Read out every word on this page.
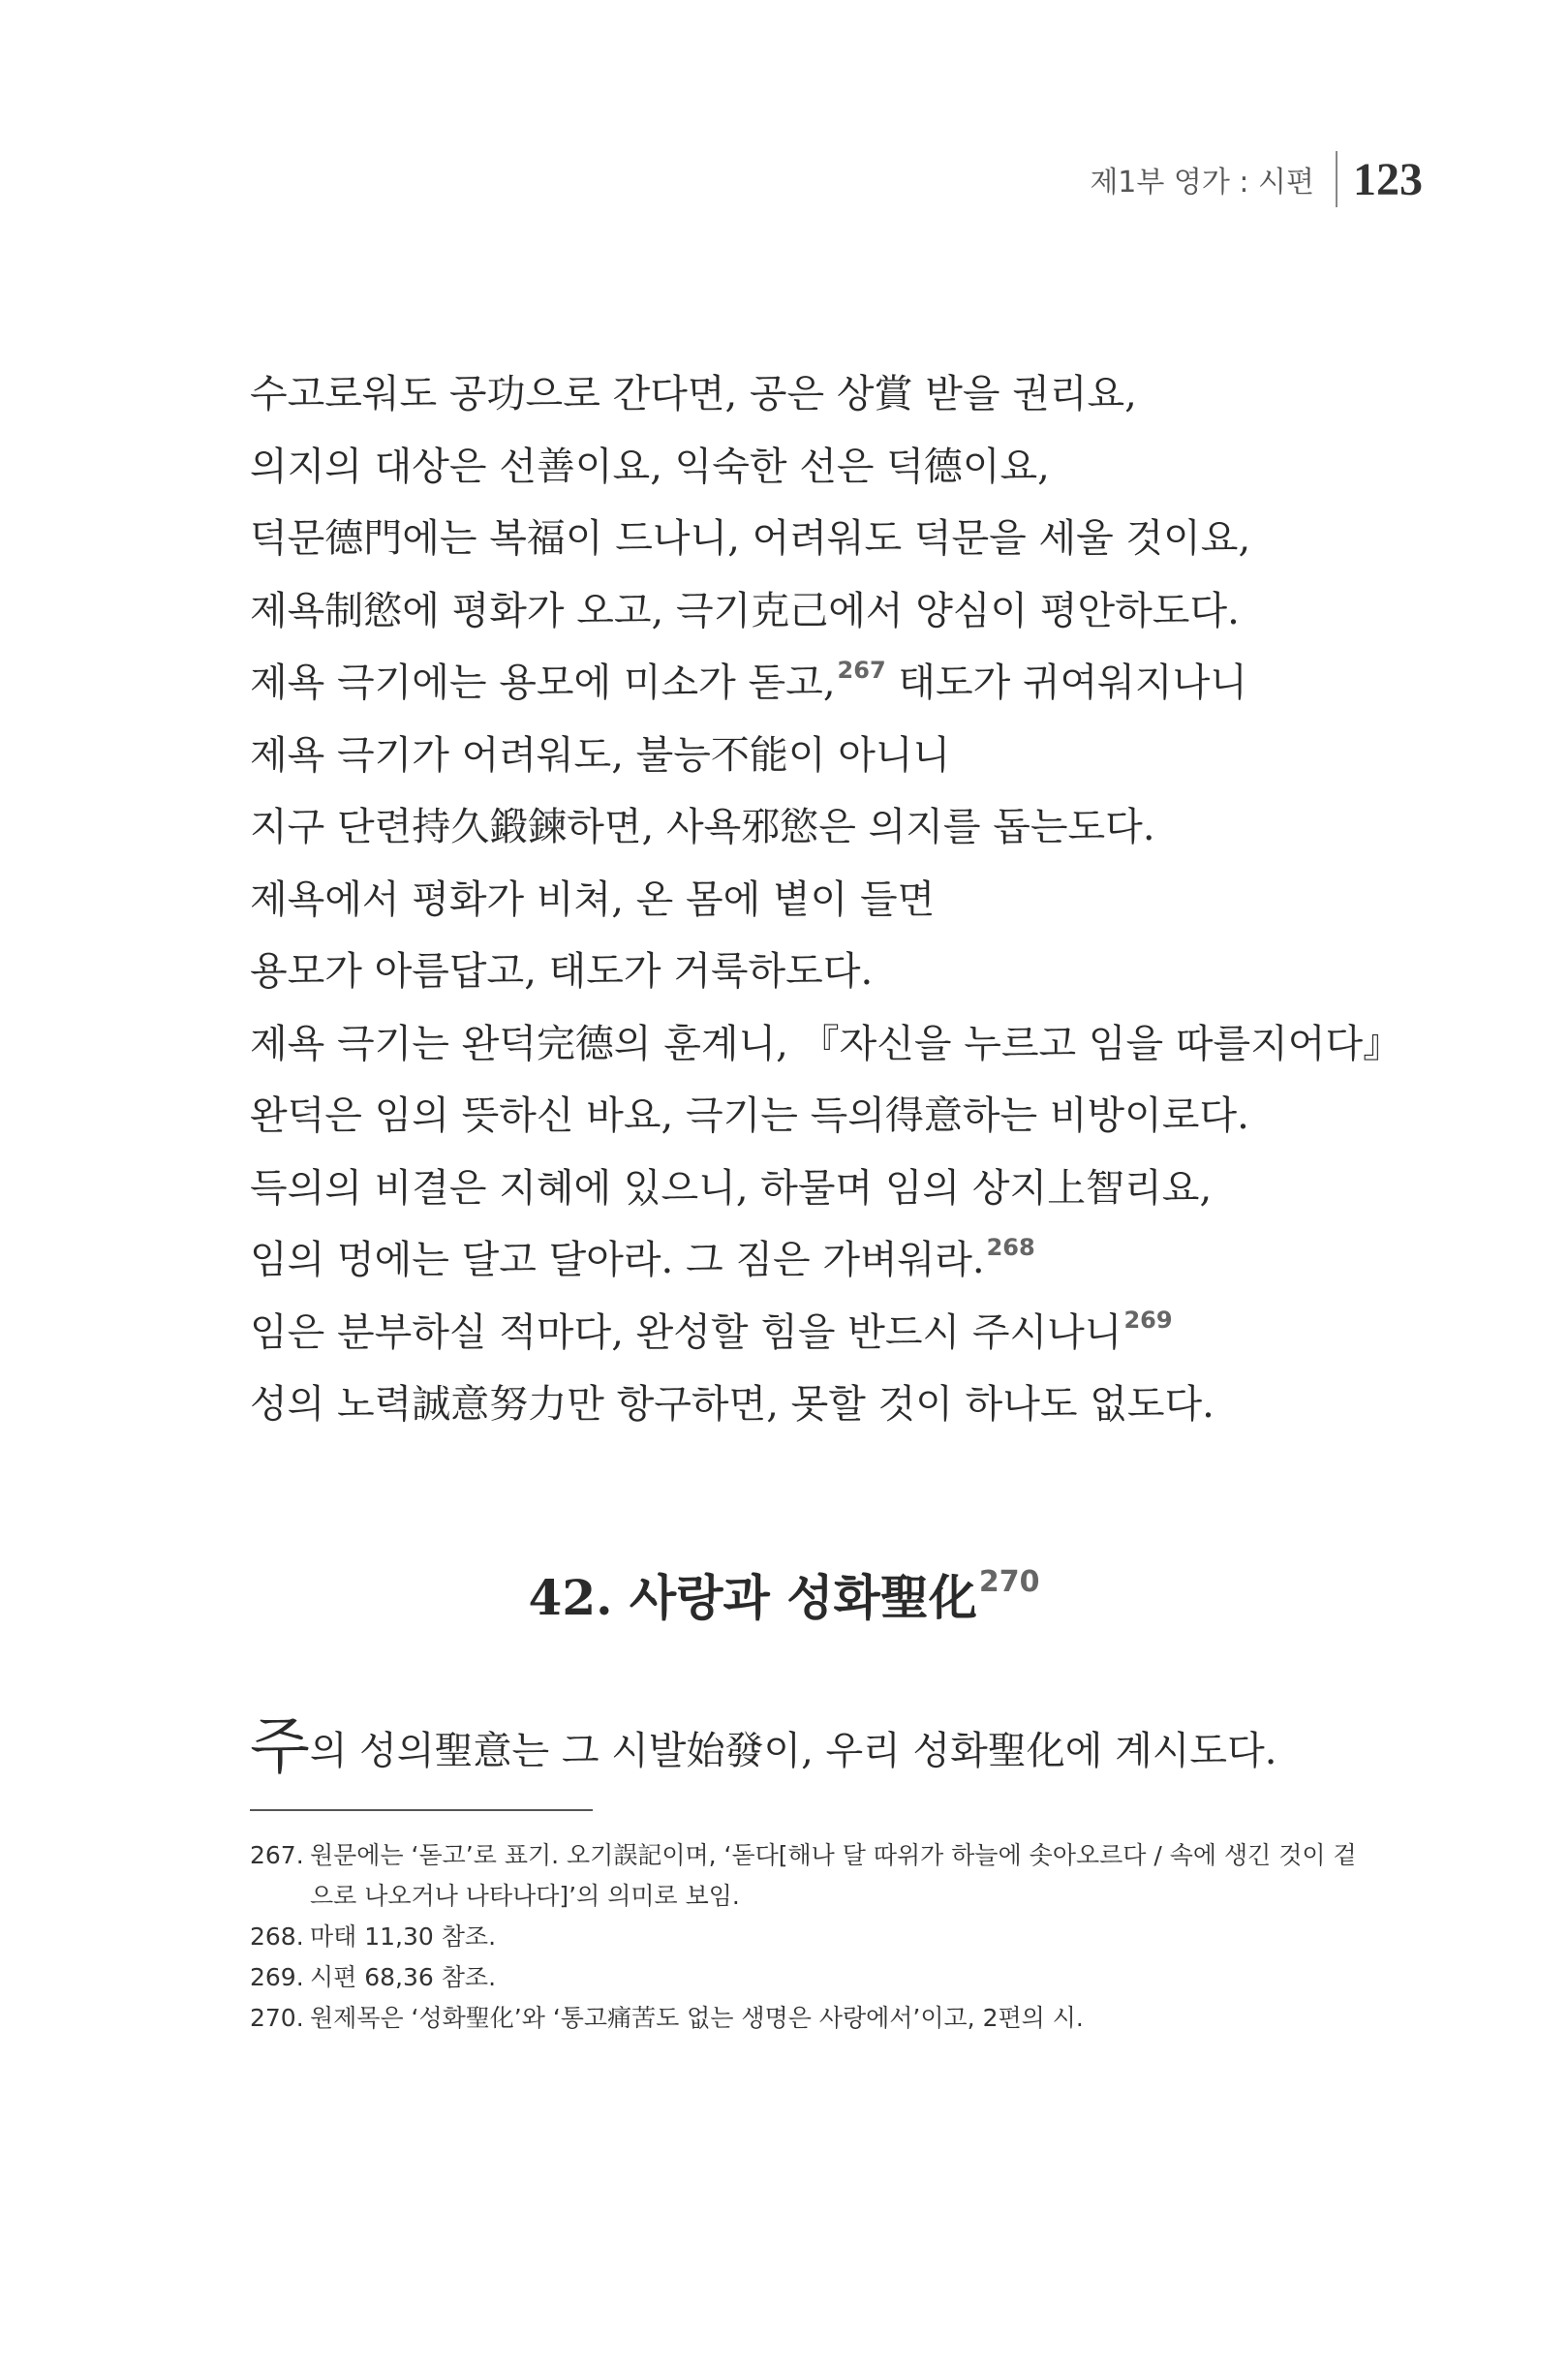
제1부 영가 : 시편 123
수고로워도 공功으로 간다면, 공은 상賞 받을 권리요,
의지의 대상은 선善이요, 익숙한 선은 덕德이요,
덕문德門에는 복福이 드나니, 어려워도 덕문을 세울 것이요,
제욕制慾에 평화가 오고, 극기克己에서 양심이 평안하도다.
제욕 극기에는 용모에 미소가 돋고,$^{267}$ 태도가 귀여워지나니
제욕 극기가 어려워도, 불능不能이 아니니
지구 단련持久鍛鍊하면, 사욕邪慾은 의지를 돕는도다.
제욕에서 평화가 비쳐, 온 몸에 볕이 들면
용모가 아름답고, 태도가 거룩하도다.
제욕 극기는 완덕完德의 훈계니, 『자신을 누르고 임을 따를지어다』
완덕은 임의 뜻하신 바요, 극기는 득의得意하는 비방이로다.
득의의 비결은 지혜에 있으니, 하물며 임의 상지上智리요,
임의 멍에는 달고 달아라. 그 짐은 가벼워라.$^{268}$
임은 분부하실 적마다, 완성할 힘을 반드시 주시나니$^{269}$
성의 노력誠意努力만 항구하면, 못할 것이 하나도 없도다.
42. 사랑과 성화聖化$^{270}$
주의 성의聖意는 그 시발始發이, 우리 성화聖化에 계시도다.
267. 원문에는 ‘돋고’로 표기. 오기誤記이며, ‘돋다[해나 달 따위가 하늘에 솟아오르다 / 속에 생긴 것이 겉으로 나오거나 나타나다]’의 의미로 보임.
268. 마태 11,30 참조.
269. 시편 68,36 참조.
270. 원제목은 ‘성화聖化’와 ‘통고痛苦도 없는 생명은 사랑에서’이고, 2편의 시.
